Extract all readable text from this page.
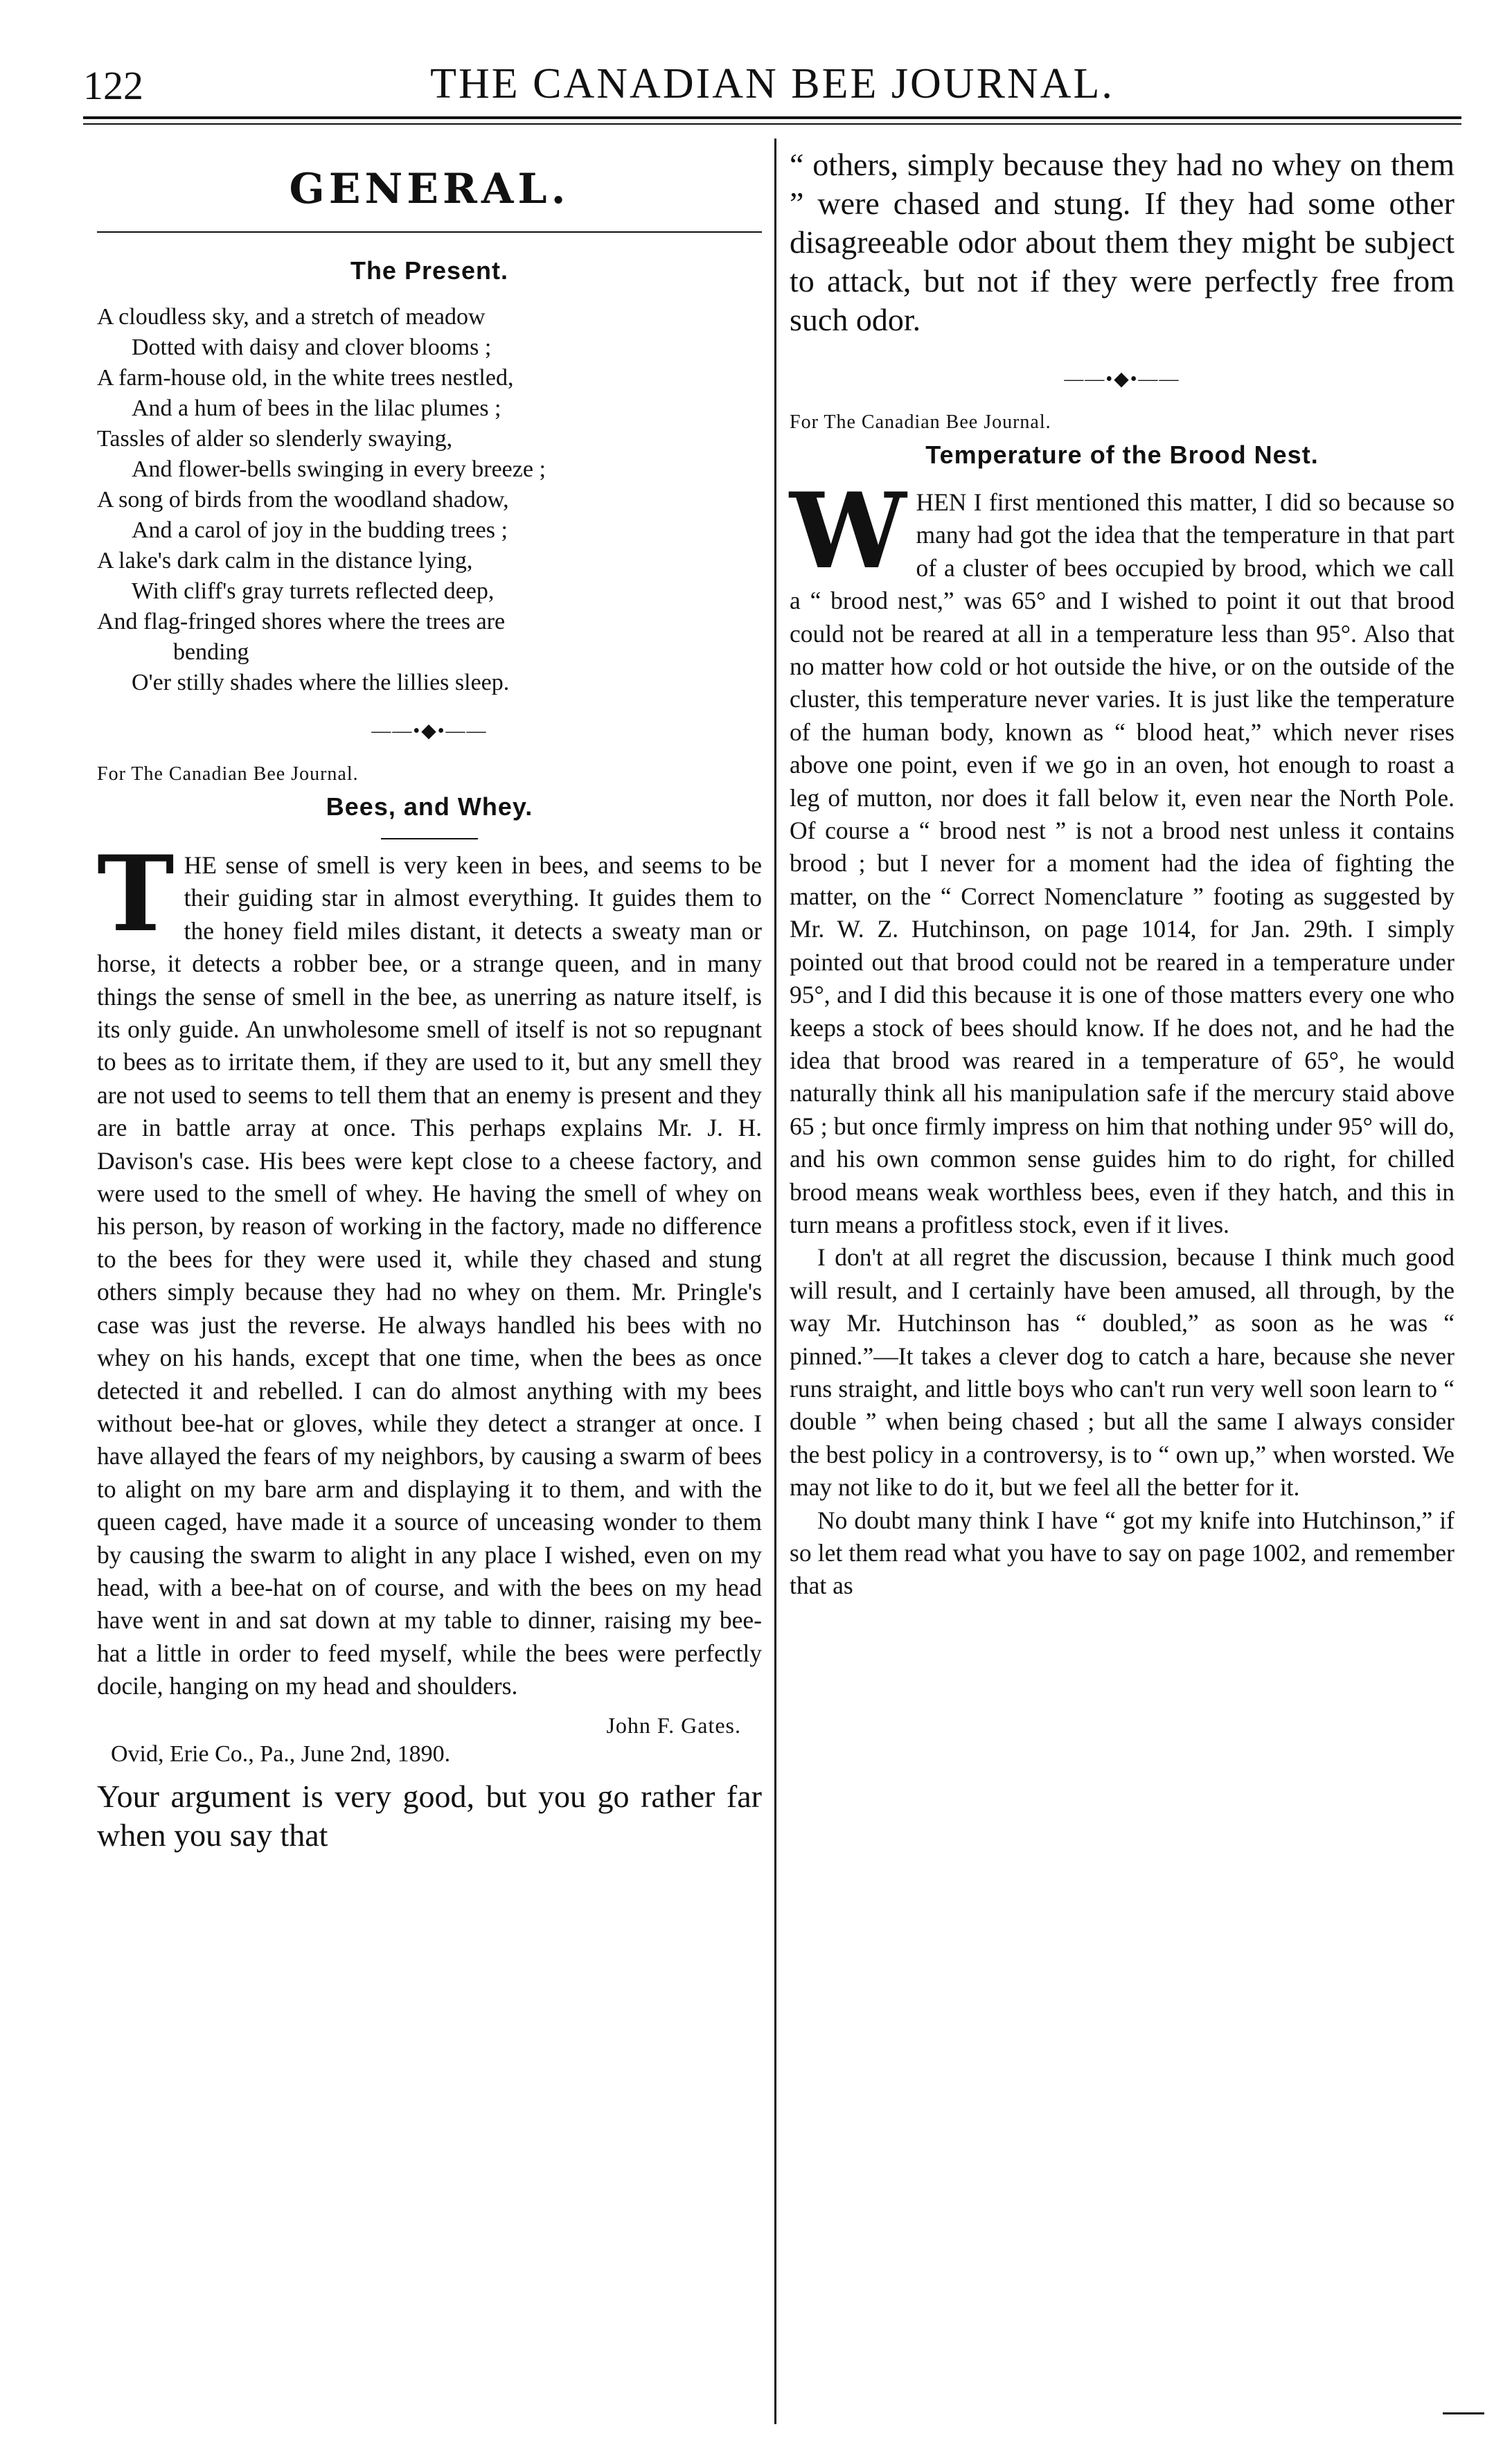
122	THE CANADIAN BEE JOURNAL.
GENERAL.
The Present.
A cloudless sky, and a stretch of meadow
Dotted with daisy and clover blooms ;
A farm-house old, in the white trees nestled,
And a hum of bees in the lilac plumes ;
Tassles of alder so slenderly swaying,
And flower-bells swinging in every breeze ;
A song of birds from the woodland shadow,
And a carol of joy in the budding trees ;
A lake's dark calm in the distance lying,
With cliff's gray turrets reflected deep,
And flag-fringed shores where the trees are
bending
O'er stilly shades where the lillies sleep.
——•◆•——
For The Canadian Bee Journal.
Bees, and Whey.

THE sense of smell is very keen in bees, and seems to be their guiding star in almost everything. It guides them to the honey field miles distant, it detects a sweaty man or horse, it detects a robber bee, or a strange queen, and in many things the sense of smell in the bee, as unerring as nature itself, is its only guide. An unwholesome smell of itself is not so repugnant to bees as to irritate them, if they are used to it, but any smell they are not used to seems to tell them that an enemy is present and they are in battle array at once. This perhaps explains Mr. J. H. Davison's case. His bees were kept close to a cheese factory, and were used to the smell of whey. He having the smell of whey on his person, by reason of working in the factory, made no difference to the bees for they were used it, while they chased and stung others simply because they had no whey on them. Mr. Pringle's case was just the reverse. He always handled his bees with no whey on his hands, except that one time, when the bees as once detected it and rebelled. I can do almost anything with my bees without bee-hat or gloves, while they detect a stranger at once. I have allayed the fears of my neighbors, by causing a swarm of bees to alight on my bare arm and displaying it to them, and with the queen caged, have made it a source of unceasing wonder to them by causing the swarm to alight in any place I wished, even on my head, with a bee-hat on of course, and with the bees on my head have went in and sat down at my table to dinner, raising my bee-hat a little in order to feed myself, while the bees were perfectly docile, hanging on my head and shoulders.

John F. Gates.
Ovid, Erie Co., Pa., June 2nd, 1890.
Your argument is very good, but you go rather far when you say that
“ others, simply because they had no whey on them ” were chased and stung. If they had some other disagreeable odor about them they might be subject to attack, but not if they were perfectly free from such odor.
——•◆•——
For The Canadian Bee Journal.
Temperature of the Brood Nest.

WHEN I first mentioned this matter, I did so because so many had got the idea that the temperature in that part of a cluster of bees occupied by brood, which we call a “ brood nest,” was 65° and I wished to point it out that brood could not be reared at all in a temperature less than 95°. Also that no matter how cold or hot outside the hive, or on the outside of the cluster, this temperature never varies. It is just like the temperature of the human body, known as “ blood heat,” which never rises above one point, even if we go in an oven, hot enough to roast a leg of mutton, nor does it fall below it, even near the North Pole. Of course a “ brood nest ” is not a brood nest unless it contains brood ; but I never for a moment had the idea of fighting the matter, on the “ Correct Nomenclature ” footing as suggested by Mr. W. Z. Hutchinson, on page 1014, for Jan. 29th. I simply pointed out that brood could not be reared in a temperature under 95°, and I did this because it is one of those matters every one who keeps a stock of bees should know. If he does not, and he had the idea that brood was reared in a temperature of 65°, he would naturally think all his manipulation safe if the mercury staid above 65 ; but once firmly impress on him that nothing under 95° will do, and his own common sense guides him to do right, for chilled brood means weak worthless bees, even if they hatch, and this in turn means a profitless stock, even if it lives.

I don't at all regret the discussion, because I think much good will result, and I certainly have been amused, all through, by the way Mr. Hutchinson has “ doubled,” as soon as he was “ pinned.”—It takes a clever dog to catch a hare, because she never runs straight, and little boys who can't run very well soon learn to “ double ” when being chased ; but all the same I always consider the best policy in a controversy, is to “ own up,” when worsted. We may not like to do it, but we feel all the better for it.

No doubt many think I have “ got my knife into Hutchinson,” if so let them read what you have to say on page 1002, and remember that as
